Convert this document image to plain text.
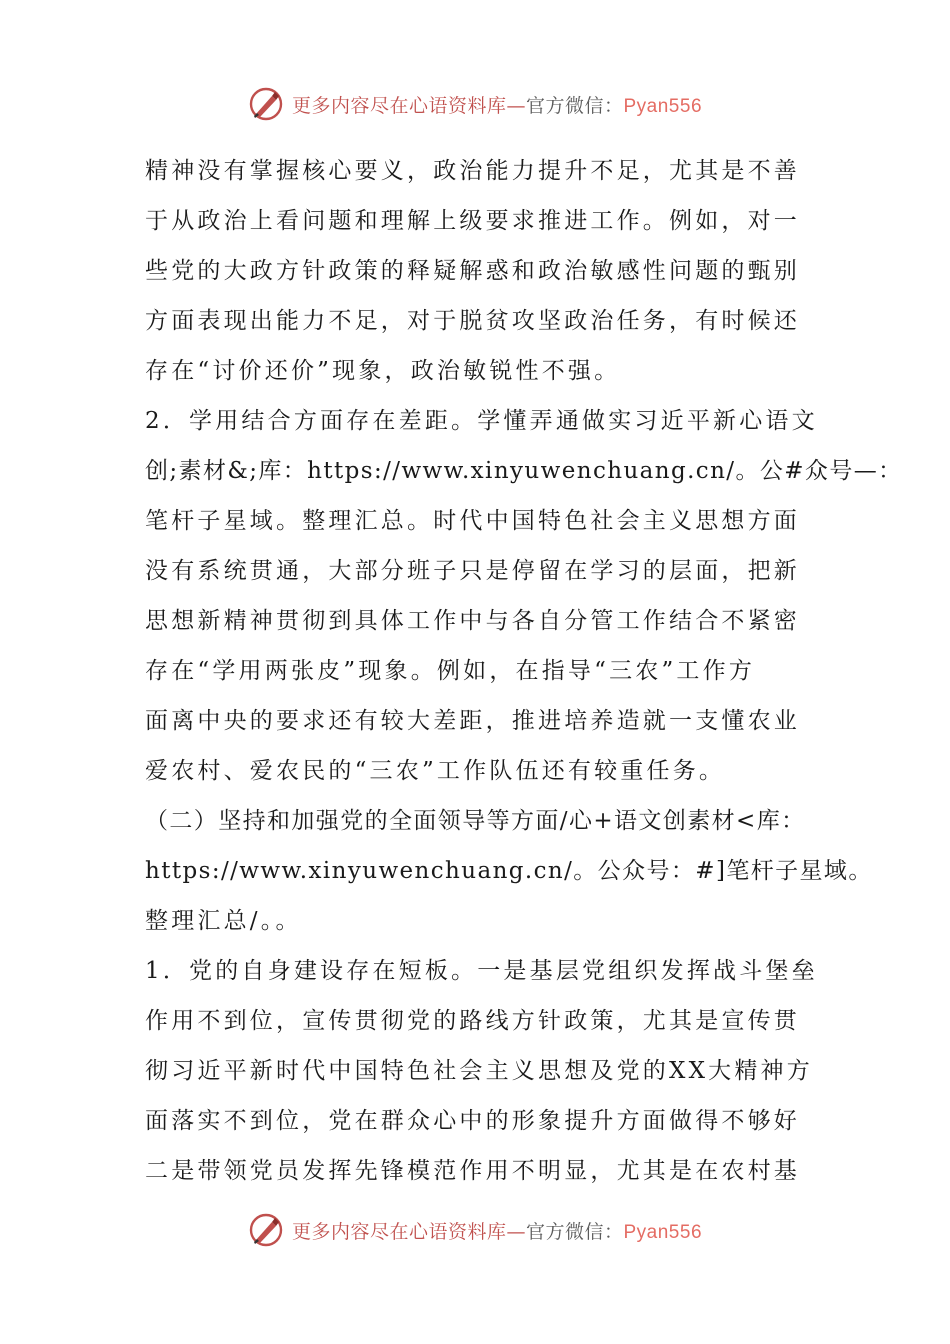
更多内容尽在心语资料库—官方微信：Pyan556
精神没有掌握核心要义，政治能力提升不足，尤其是不善
于从政治上看问题和理解上级要求推进工作。例如，对一
些党的大政方针政策的释疑解惑和政治敏感性问题的甄别
方面表现出能力不足，对于脱贫攻坚政治任务，有时候还
存在“讨价还价”现象，政治敏锐性不强。
2．学用结合方面存在差距。学懂弄通做实习近平新心语文
创;素材&;库：https://www.xinyuwenchuang.cn/。公#众号—：
笔杆子星域。整理汇总。时代中国特色社会主义思想方面
没有系统贯通，大部分班子只是停留在学习的层面，把新
思想新精神贯彻到具体工作中与各自分管工作结合不紧密
存在“学用两张皮”现象。例如，在指导“三农”工作方
面离中央的要求还有较大差距，推进培养造就一支懂农业
爱农村、爱农民的“三农”工作队伍还有较重任务。
（二）坚持和加强党的全面领导等方面/心+语文创素材<库：
https://www.xinyuwenchuang.cn/。公众号：#]笔杆子星域。
整理汇总/。。
1．党的自身建设存在短板。一是基层党组织发挥战斗堡垒
作用不到位，宣传贯彻党的路线方针政策，尤其是宣传贯
彻习近平新时代中国特色社会主义思想及党的XX大精神方
面落实不到位，党在群众心中的形象提升方面做得不够好
二是带领党员发挥先锋模范作用不明显，尤其是在农村基
更多内容尽在心语资料库—官方微信：Pyan556
